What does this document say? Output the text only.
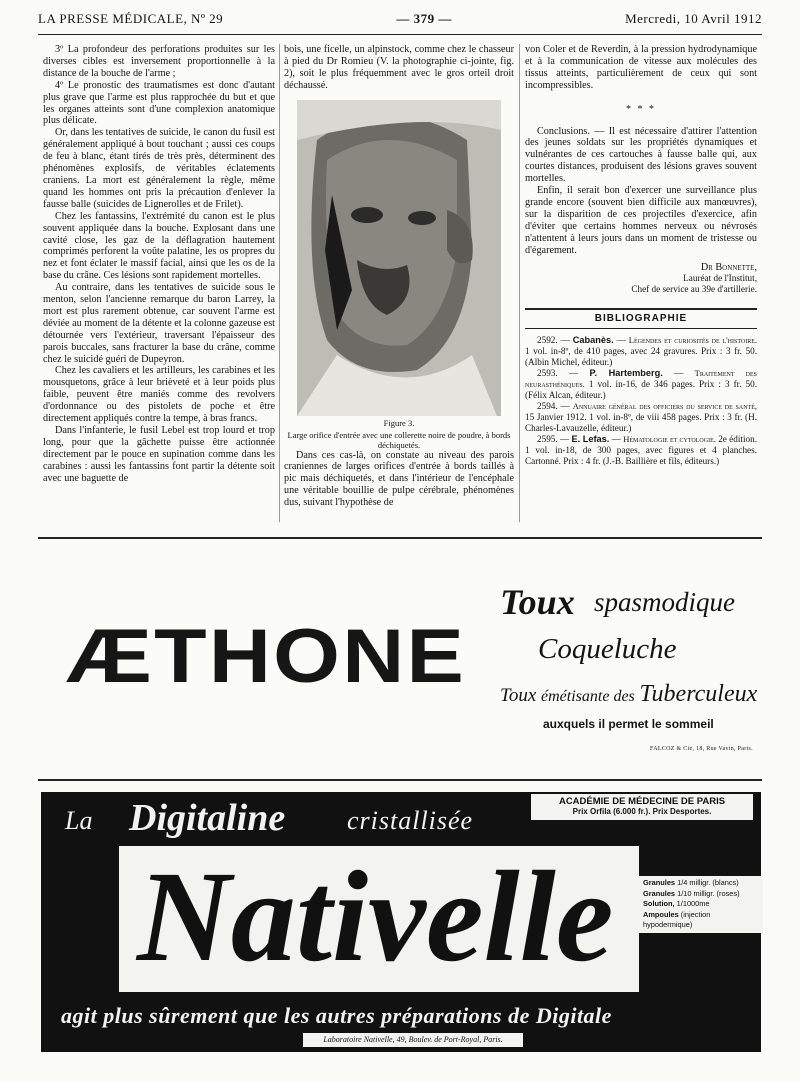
LA PRESSE MÉDICALE, Nº 29	— 379 —	Mercredi, 10 Avril 1912

3º La profondeur des perforations produites sur les diverses cibles est inversement proportionnelle à la distance de la bouche de l'arme ;

4º Le pronostic des traumatismes est donc d'autant plus grave que l'arme est plus rapprochée du but et que les organes atteints sont d'une complexion anatomique plus délicate.

Or, dans les tentatives de suicide, le canon du fusil est généralement appliqué à bout touchant ; aussi ces coups de feu à blanc, étant tirés de très près, déterminent des phénomènes explosifs, de véritables éclatements craniens. La mort est généralement la règle, même quand les hommes ont pris la précaution d'enlever la fausse balle (suicides de Lignerolles et de Frilet).

Chez les fantassins, l'extrémité du canon est le plus souvent appliquée dans la bouche. Explosant dans une cavité close, les gaz de la déflagration hautement comprimés perforent la voûte palatine, les os propres du nez et font éclater le massif facial, ainsi que les os de la base du crâne. Ces lésions sont rapidement mortelles.

Au contraire, dans les tentatives de suicide sous le menton, selon l'ancienne remarque du baron Larrey, la mort est plus rarement obtenue, car souvent l'arme est déviée au moment de la détente et la colonne gazeuse est détournée vers l'extérieur, traversant l'épaisseur des parois buccales, sans fracturer la base du crâne, comme chez le suicidé guéri de Dupeyron.

Chez les cavaliers et les artilleurs, les carabines et les mousquetons, grâce à leur brièveté et à leur poids plus faible, peuvent être maniés comme des revolvers d'ordonnance ou des pistolets de poche et être directement appliqués contre la tempe, à bras francs.

Dans l'infanterie, le fusil Lebel est trop lourd et trop long, pour que la gâchette puisse être actionnée directement par le pouce en supination comme dans les carabines : aussi les fantassins font partir la détente soit avec une baguette de

bois, une ficelle, un alpinstock, comme chez le chasseur à pied du Dr Romieu (V. la photographie ci-jointe, fig. 2), soit le plus fréquemment avec le gros orteil droit déchaussé.

Figure 3.

Large orifice d'entrée avec une collerette noire de poudre, à bords déchiquetés.

Dans ces cas-là, on constate au niveau des parois craniennes de larges orifices d'entrée à bords taillés à pic mais déchiquetés, et dans l'intérieur de l'encéphale une véritable bouillie de pulpe cérébrale, phénomènes dus, suivant l'hypothèse de

von Coler et de Reverdin, à la pression hydrodynamique et à la communication de vitesse aux molécules des tissus atteints, particulièrement de ceux qui sont incompressibles.

* * *

Conclusions. — Il est nécessaire d'attirer l'attention des jeunes soldats sur les propriétés dynamiques et vulnérantes de ces cartouches à fausse balle qui, aux courtes distances, produisent des lésions graves souvent mortelles.

Enfin, il serait bon d'exercer une surveillance plus grande encore (souvent bien difficile aux manœuvres), sur la disparition de ces projectiles d'exercice, afin d'éviter que certains hommes nerveux ou névrosés n'attentent à leurs jours dans un moment de tristesse ou d'égarement.

Dr Bonnette,
Lauréat de l'Institut,
Chef de service au 39e d'artillerie.
BIBLIOGRAPHIE

2592. — Cabanès. — Légendes et curiosités de l'histoire. 1 vol. in-8º, de 410 pages, avec 24 gravures. Prix : 3 fr. 50. (Albin Michel, éditeur.)

2593. — P. Hartemberg. — Traitement des neurasthéniques. 1 vol. in-16, de 346 pages. Prix : 3 fr. 50. (Félix Alcan, éditeur.)

2594. — Annuaire général des officiers du service de santé, 15 Janvier 1912. 1 vol. in-8º, de viii 458 pages. Prix : 3 fr. (H. Charles-Lavauzelle, éditeur.)

2595. — E. Lefas. — Hématologie et cytologie. 2e édition. 1 vol. in-18, de 300 pages, avec figures et 4 planches. Cartonné. Prix : 4 fr. (J.-B. Baillière et fils, éditeurs.)

ÆTHONE
Toux spasmodique
Coqueluche
Toux émétisante des Tuberculeux
auxquels il permet le sommeil
FALCOZ & Cie, 18, Rue Vavin, Paris.
La Digitaline cristallisée
ACADÉMIE DE MÉDECINE DE PARIS
Prix Orfila (6.000 fr.). Prix Desportes.
Nativelle	Granules 1/4 milligr. (blancs)
Granules 1/10 milligr. (roses)
Solution, 1/1000me
Ampoules (injection hypodermique)
agit plus sûrement que les autres préparations de Digitale
Laboratoire Nativelle, 49, Boulev. de Port-Royal, Paris.
